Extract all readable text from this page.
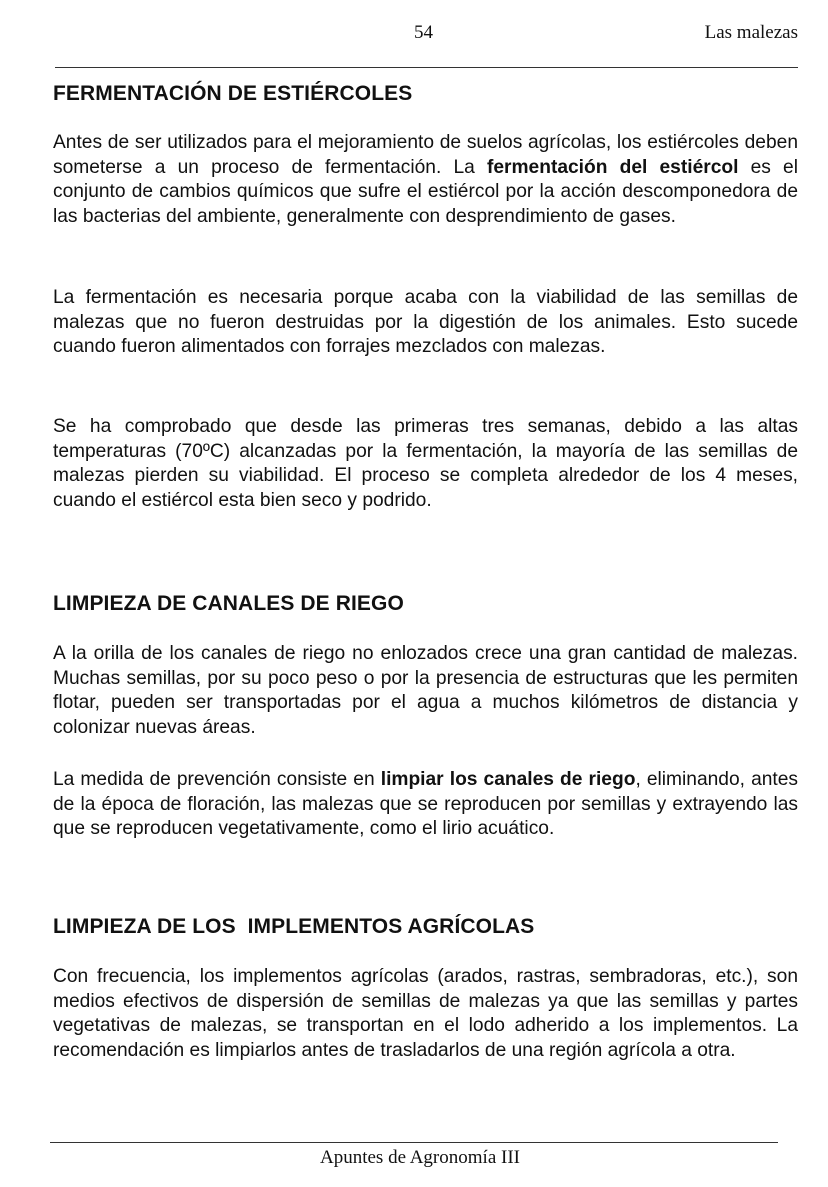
54	Las malezas
FERMENTACIÓN DE ESTIÉRCOLES
Antes de ser utilizados para el mejoramiento de suelos agrícolas, los estiércoles deben someterse a un proceso de fermentación. La fermentación del estiércol es el conjunto de cambios químicos que sufre el estiércol por la acción descomponedora de las bacterias del ambiente, generalmente con desprendimiento de gases.
La fermentación es necesaria porque acaba con la viabilidad de las semillas de malezas que no fueron destruidas por la digestión de los animales. Esto sucede cuando fueron alimentados con forrajes mezclados con malezas.
Se ha comprobado que desde las primeras tres semanas, debido a las altas temperaturas (70ºC) alcanzadas por la fermentación, la mayoría de las semillas de malezas pierden su viabilidad. El proceso se completa alrededor de los 4 meses, cuando el estiércol esta bien seco y podrido.
LIMPIEZA DE CANALES DE RIEGO
A la orilla de los canales de riego no enlozados crece una gran cantidad de malezas. Muchas semillas, por su poco peso o por la presencia de estructuras que les permiten flotar, pueden ser transportadas por el agua a muchos kilómetros de distancia y colonizar nuevas áreas.
La medida de prevención consiste en limpiar los canales de riego, eliminando, antes de la época de floración, las malezas que se reproducen por semillas y extrayendo las que se reproducen vegetativamente, como el lirio acuático.
LIMPIEZA DE LOS  IMPLEMENTOS AGRÍCOLAS
Con frecuencia, los implementos agrícolas (arados, rastras, sembradoras, etc.), son medios efectivos de dispersión de semillas de malezas ya que las semillas y partes vegetativas de malezas, se transportan en el lodo adherido a los implementos. La recomendación es limpiarlos antes de trasladarlos de una región agrícola a otra.
Apuntes de Agronomía III
